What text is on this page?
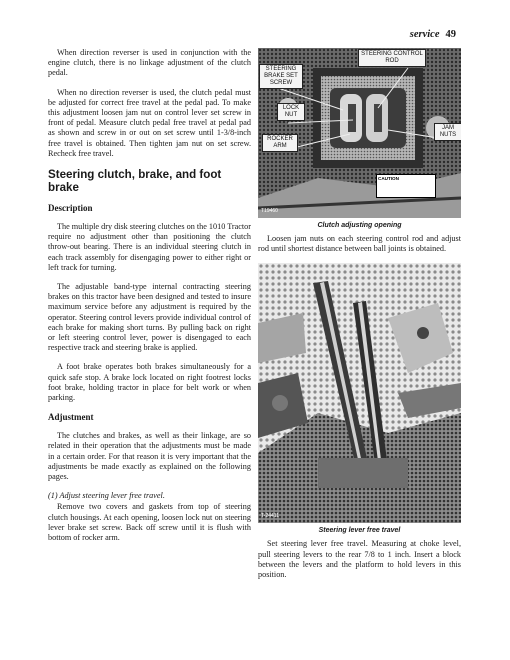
service 49

When direction reverser is used in conjunction with the engine clutch, there is no linkage adjustment of the clutch pedal.

When no direction reverser is used, the clutch pedal must be adjusted for correct free travel at the pedal pad. To make this adjustment loosen jam nut on control lever set screw in front of pedal. Measure clutch pedal free travel at pedal pad as shown and screw in or out on set screw until 1-3/8-inch free travel is obtained. Then tighten jam nut on set screw. Recheck free travel.

Steering clutch, brake, and foot brake
Description

The multiple dry disk steering clutches on the 1010 Tractor require no adjustment other than positioning the clutch throw-out bearing. There is an individual steering clutch in each track assembly for disengaging power to either right or left track for turning.

The adjustable band-type internal contracting steering brakes on this tractor have been designed and tested to insure maximum service before any adjustment is required by the operator. Steering control levers provide individual control of each brake for making short turns. By pulling back on right or left steering control lever, power is disengaged to each respective track and steering brake is applied.

A foot brake operates both brakes simultaneously for a quick safe stop. A brake lock located on right footrest locks foot brake, holding tractor in place for belt work or when parking.

Adjustment

The clutches and brakes, as well as their linkage, are so related in their operation that the adjustments must be made in a certain order. For that reason it is very important that the adjustments be made exactly as explained on the following pages.

(1) Adjust steering lever free travel.

Remove two covers and gaskets from top of steering clutch housings. At each opening, loosen lock nut on steering lever brake set screw. Back off screw until it is flush with bottom of rocker arm.

STEERING CONTROL ROD
STEERING BRAKE SET SCREW
LOCK NUT
ROCKER ARM
JAM NUTS
CAUTION
T19460
Clutch adjusting opening

Loosen jam nuts on each steering control rod and adjust rod until shortest distance between ball joints is obtained.

T-24411
Steering lever free travel

Set steering lever free travel. Measuring at choke level, pull steering levers to the rear 7/8 to 1 inch. Insert a block between the levers and the platform to hold levers in this position.
